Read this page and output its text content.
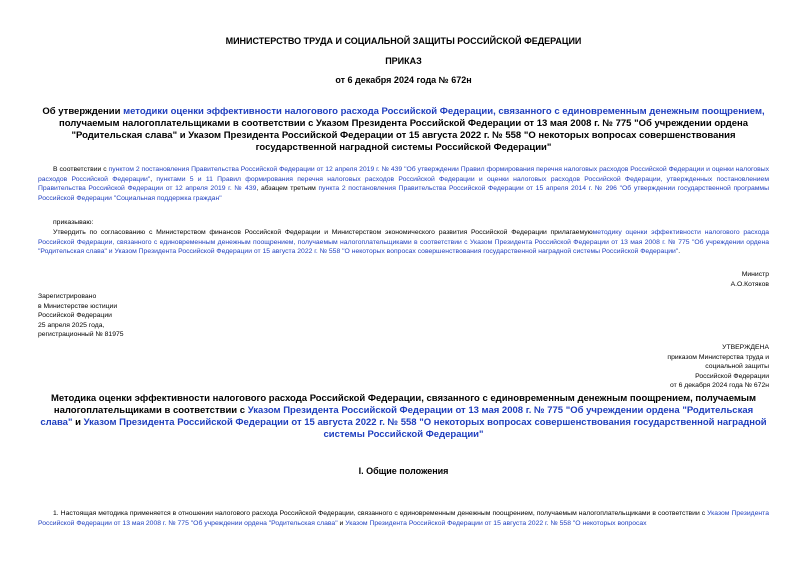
МИНИСТЕРСТВО ТРУДА И СОЦИАЛЬНОЙ ЗАЩИТЫ РОССИЙСКОЙ ФЕДЕРАЦИИ
ПРИКАЗ
от 6 декабря 2024 года № 672н
Об утверждении методики оценки эффективности налогового расхода Российской Федерации, связанного с единовременным денежным поощрением, получаемым налогоплательщиками в соответствии с Указом Президента Российской Федерации от 13 мая 2008 г. № 775 "Об учреждении ордена "Родительская слава" и Указом Президента Российской Федерации от 15 августа 2022 г. № 558 "О некоторых вопросах совершенствования государственной наградной системы Российской Федерации"
В соответствии с пунктом 2 постановления Правительства Российской Федерации от 12 апреля 2019 г. № 439 "Об утверждении Правил формирования перечня налоговых расходов Российской Федерации и оценки налоговых расходов Российской Федерации", пунктами 5 и 11 Правил формирования перечня налоговых расходов Российской Федерации и оценки налоговых расходов Российской Федерации, утвержденных постановлением Правительства Российской Федерации от 12 апреля 2019 г. № 439, абзацем третьим пункта 2 постановления Правительства Российской Федерации от 15 апреля 2014 г. № 296 "Об утверждении государственной программы Российской Федерации "Социальная поддержка граждан"
приказываю:
Утвердить по согласованию с Министерством финансов Российской Федерации и Министерством экономического развития Российской Федерации прилагаемуюметодику оценки эффективности налогового расхода Российской Федерации, связанного с единовременным денежным поощрением, получаемым налогоплательщиками в соответствии с Указом Президента Российской Федерации от 13 мая 2008 г. № 775 "Об учреждении ордена "Родительская слава" и Указом Президента Российской Федерации от 15 августа 2022 г. № 558 "О некоторых вопросах совершенствования государственной наградной системы Российской Федерации".
Министр
А.О.Котяков
Зарегистрировано
в Министерстве юстиции
Российской Федерации
25 апреля 2025 года,
регистрационный № 81975
УТВЕРЖДЕНА
приказом Министерства труда и
социальной защиты
Российской Федерации
от 6 декабря 2024 года № 672н
Методика оценки эффективности налогового расхода Российской Федерации, связанного с единовременным денежным поощрением, получаемым налогоплательщиками в соответствии с Указом Президента Российской Федерации от 13 мая 2008 г. № 775 "Об учреждении ордена "Родительская слава" и Указом Президента Российской Федерации от 15 августа 2022 г. № 558 "О некоторых вопросах совершенствования государственной наградной системы Российской Федерации"
I. Общие положения
1. Настоящая методика применяется в отношении налогового расхода Российской Федерации, связанного с единовременным денежным поощрением, получаемым налогоплательщиками в соответствии с Указом Президента Российской Федерации от 13 мая 2008 г. № 775 "Об учреждении ордена "Родительская слава" и Указом Президента Российской Федерации от 15 августа 2022 г. № 558 "О некоторых вопросах
